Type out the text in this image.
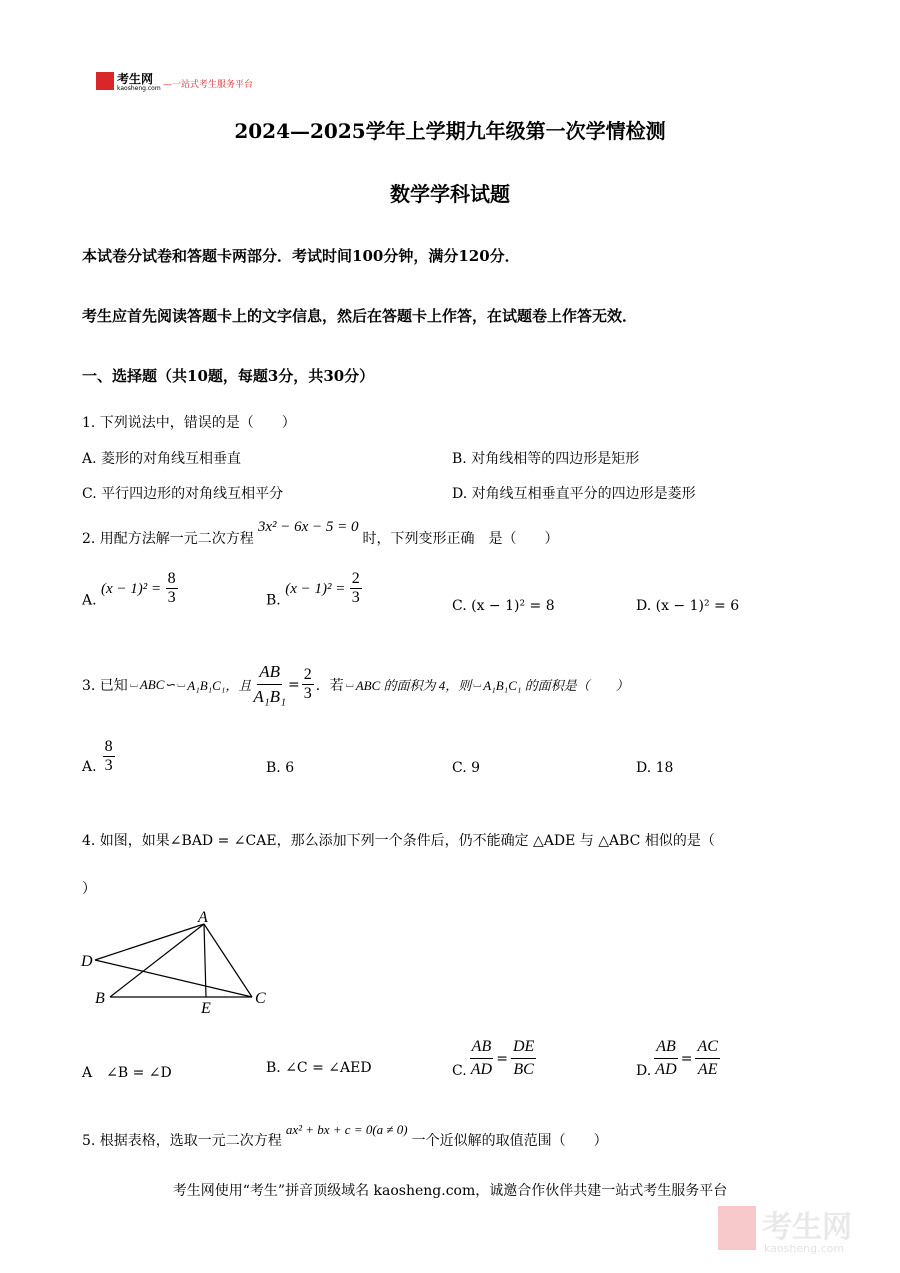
考生网
kaosheng.com —一站式考生服务平台
2024—2025学年上学期九年级第一次学情检测
数学学科试题
本试卷分试卷和答题卡两部分．考试时间100分钟，满分120分．
考生应首先阅读答题卡上的文字信息，然后在答题卡上作答，在试题卷上作答无效．
一、选择题（共10题，每题3分，共30分）
1. 下列说法中，错误的是（　　）
A. 菱形的对角线互相垂直	B. 对角线相等的四边形是矩形
C. 平行四边形的对角线互相平分	D. 对角线互相垂直平分的四边形是菱形
2. 用配方法解一元二次方程
3x² − 6x − 5 = 0
时，下列变形正确　是（　　）
A. $(x - 1)^2 = \frac{8}{3}$	B. $(x - 1)^2 = \frac{2}{3}$	C. (x − 1)² = 8	D. (x − 1)² = 6
3. 已知 ⌴ ABC∽ ⌴ A₁B₁C₁，且 $\frac{AB}{\text{A₁B₁}} = \frac{2}{3}$ ．若 ⌴ ABC 的面积为 4，则 ⌴ A₁B₁C₁ 的面积是（　　）
A. $\frac{8}{3}$	B. 6	C. 9	D. 18
4. 如图，如果∠BAD = ∠CAE，那么添加下列一个条件后，仍不能确定 △ADE 与 △ABC 相似的是（
）
A
D
B
E
C
A　∠B = ∠D	B. ∠C = ∠AED	C. $\frac{AB}{AD} = \frac{DE}{BC}$	D. $\frac{AB}{AD} = \frac{AC}{AE}$
5. 根据表格，选取一元二次方程
ax² + bx + c = 0(a ≠ 0)
一个近似解的取值范围（　　）
考生网使用“考生”拼音顶级域名 kaosheng.com，诚邀合作伙伴共建一站式考生服务平台
考生网
kaosheng.com
